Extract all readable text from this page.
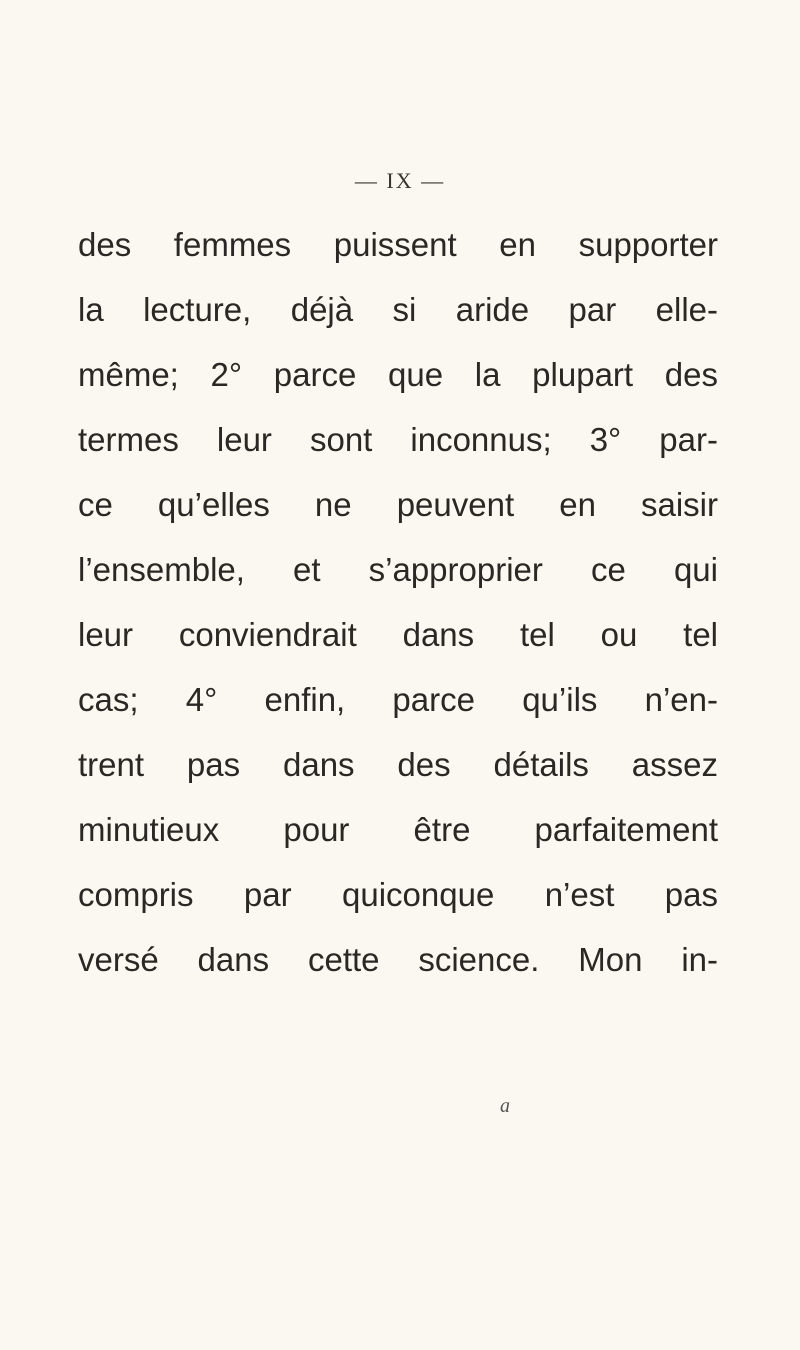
— IX —
des femmes puissent en supporter
la lecture, déjà si aride par elle-
même; 2° parce que la plupart des
termes leur sont inconnus; 3° par-
ce qu’elles ne peuvent en saisir
l’ensemble, et s’approprier ce qui
leur conviendrait dans tel ou tel
cas; 4° enfin, parce qu’ils n’en-
trent pas dans des détails assez
minutieux pour être parfaitement
compris par quiconque n’est pas
versé dans cette science. Mon in-
a
